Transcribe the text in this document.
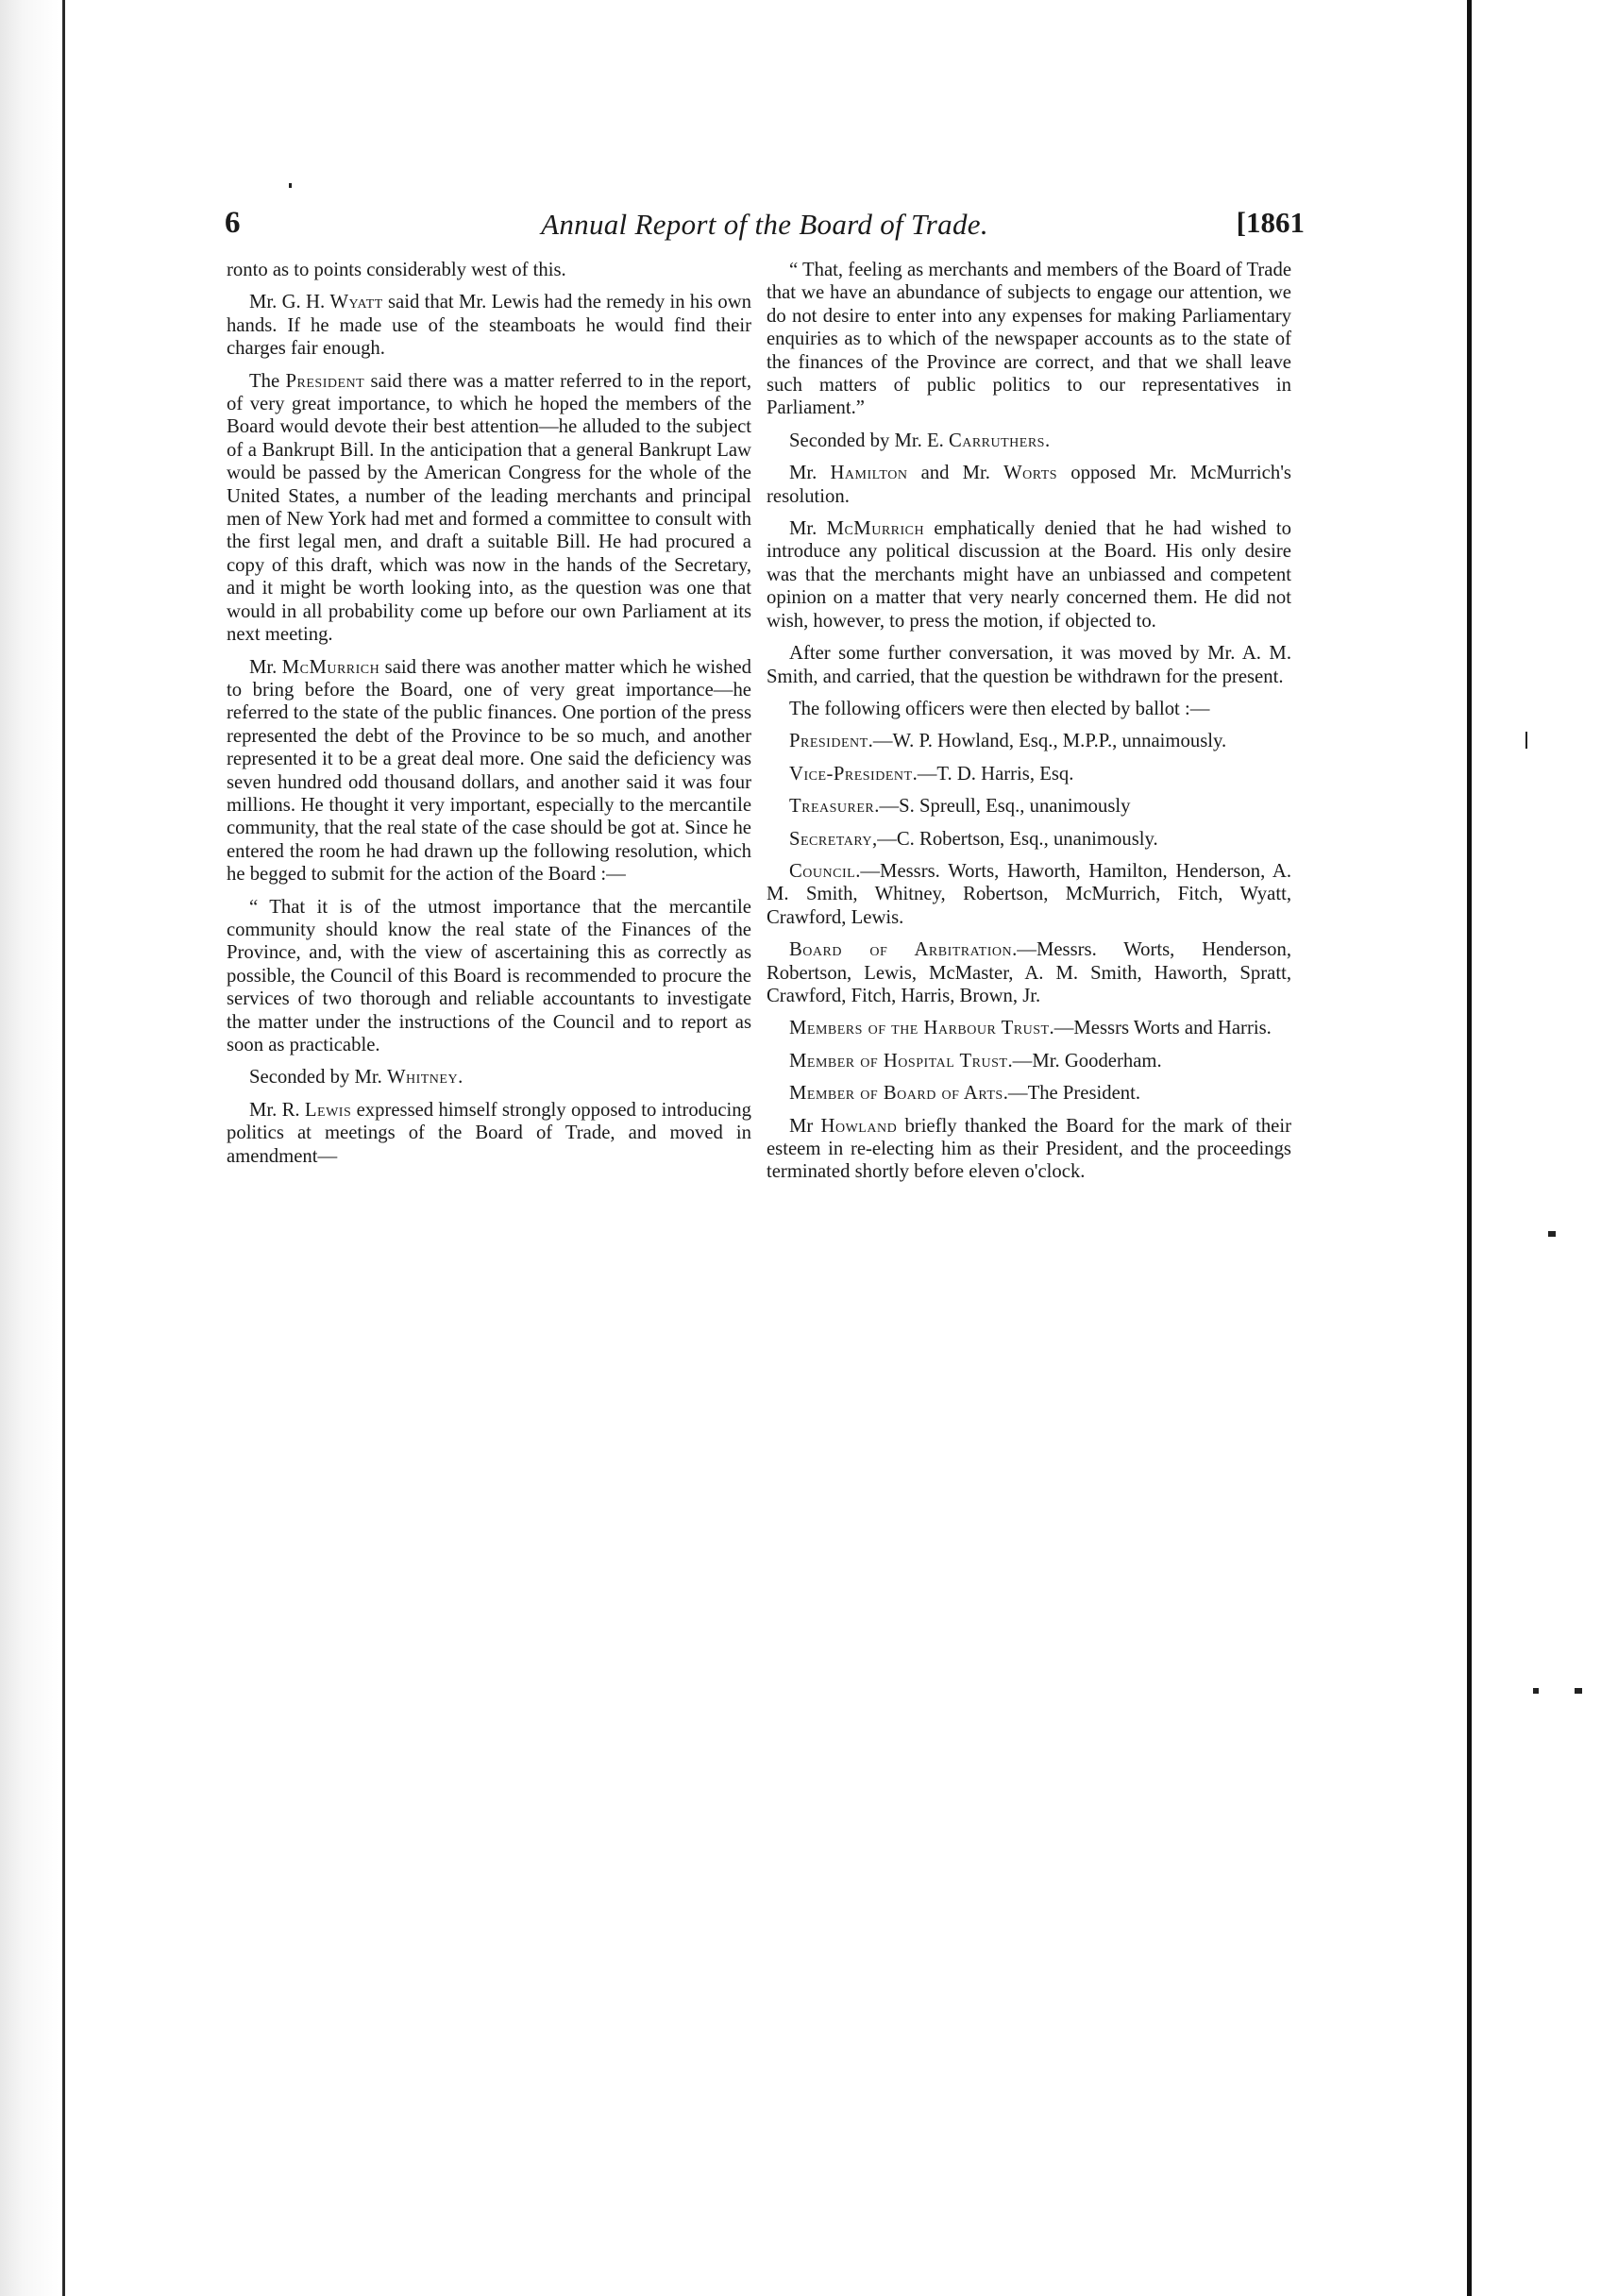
6	Annual Report of the Board of Trade.	[1861

ronto as to points considerably west of this.

Mr. G. H. Wyatt said that Mr. Lewis had the remedy in his own hands. If he made use of the steamboats he would find their charges fair enough.

The President said there was a matter referred to in the report, of very great importance, to which he hoped the members of the Board would devote their best attention—he alluded to the subject of a Bankrupt Bill. In the anticipation that a general Bankrupt Law would be passed by the American Congress for the whole of the United States, a number of the leading merchants and principal men of New York had met and formed a committee to consult with the first legal men, and draft a suitable Bill. He had procured a copy of this draft, which was now in the hands of the Secretary, and it might be worth looking into, as the question was one that would in all probability come up before our own Parliament at its next meeting.

Mr. McMurrich said there was another matter which he wished to bring before the Board, one of very great importance—he referred to the state of the public finances. One portion of the press represented the debt of the Province to be so much, and another represented it to be a great deal more. One said the deficiency was seven hundred odd thousand dollars, and another said it was four millions. He thought it very important, especially to the mercantile community, that the real state of the case should be got at. Since he entered the room he had drawn up the following resolution, which he begged to submit for the action of the Board :—

“ That it is of the utmost importance that the mercantile community should know the real state of the Finances of the Province, and, with the view of ascertaining this as correctly as possible, the Council of this Board is recommended to procure the services of two thorough and reliable accountants to investigate the matter under the instructions of the Council and to report as soon as practicable.

Seconded by Mr. Whitney.

Mr. R. Lewis expressed himself strongly opposed to introducing politics at meetings of the Board of Trade, and moved in amendment—

“ That, feeling as merchants and members of the Board of Trade that we have an abundance of subjects to engage our attention, we do not desire to enter into any expenses for making Parliamentary enquiries as to which of the newspaper accounts as to the state of the finances of the Province are correct, and that we shall leave such matters of public politics to our representatives in Parliament.”

Seconded by Mr. E. Carruthers.

Mr. Hamilton and Mr. Worts opposed Mr. McMurrich's resolution.

Mr. McMurrich emphatically denied that he had wished to introduce any political discussion at the Board. His only desire was that the merchants might have an unbiassed and competent opinion on a matter that very nearly concerned them. He did not wish, however, to press the motion, if objected to.

After some further conversation, it was moved by Mr. A. M. Smith, and carried, that the question be withdrawn for the present.

The following officers were then elected by ballot :—

President.—W. P. Howland, Esq., M.P.P., unnaimously.

Vice-President.—T. D. Harris, Esq.

Treasurer.—S. Spreull, Esq., unanimously

Secretary,—C. Robertson, Esq., unanimously.

Council.—Messrs. Worts, Haworth, Hamilton, Henderson, A. M. Smith, Whitney, Robertson, McMurrich, Fitch, Wyatt, Crawford, Lewis.

Board of Arbitration.—Messrs. Worts, Henderson, Robertson, Lewis, McMaster, A. M. Smith, Haworth, Spratt, Crawford, Fitch, Harris, Brown, Jr.

Members of the Harbour Trust.—Messrs Worts and Harris.

Member of Hospital Trust.—Mr. Gooderham.

Member of Board of Arts.—The President.

Mr Howland briefly thanked the Board for the mark of their esteem in re-electing him as their President, and the proceedings terminated shortly before eleven o'clock.
